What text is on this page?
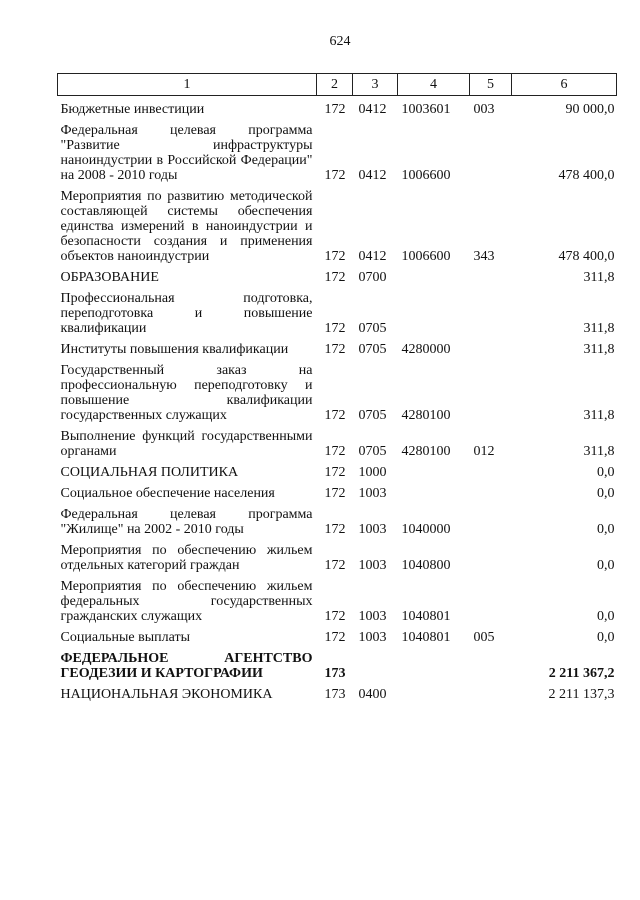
624
1	2	3	4	5	6
Бюджетные инвестиции	172	0412	1003601	003	90 000,0
Федеральная целевая программа "Развитие инфраструктуры наноиндустрии в Российской Федерации" на 2008 - 2010 годы	172	0412	1006600		478 400,0
Мероприятия по развитию методической составляющей системы обеспечения единства измерений в наноиндустрии и безопасности создания и применения объектов наноиндустрии	172	0412	1006600	343	478 400,0
ОБРАЗОВАНИЕ	172	0700			311,8
Профессиональная подготовка, переподготовка и повышение квалификации	172	0705			311,8
Институты повышения квалификации	172	0705	4280000		311,8
Государственный заказ на профессиональную переподготовку и повышение квалификации государственных служащих	172	0705	4280100		311,8
Выполнение функций государственными органами	172	0705	4280100	012	311,8
СОЦИАЛЬНАЯ ПОЛИТИКА	172	1000			0,0
Социальное обеспечение населения	172	1003			0,0
Федеральная целевая программа "Жилище" на 2002 - 2010 годы	172	1003	1040000		0,0
Мероприятия по обеспечению жильем отдельных категорий граждан	172	1003	1040800		0,0
Мероприятия по обеспечению жильем федеральных государственных гражданских служащих	172	1003	1040801		0,0
Социальные выплаты	172	1003	1040801	005	0,0
ФЕДЕРАЛЬНОЕ АГЕНТСТВО ГЕОДЕЗИИ И КАРТОГРАФИИ	173				2 211 367,2
НАЦИОНАЛЬНАЯ ЭКОНОМИКА	173	0400			2 211 137,3
